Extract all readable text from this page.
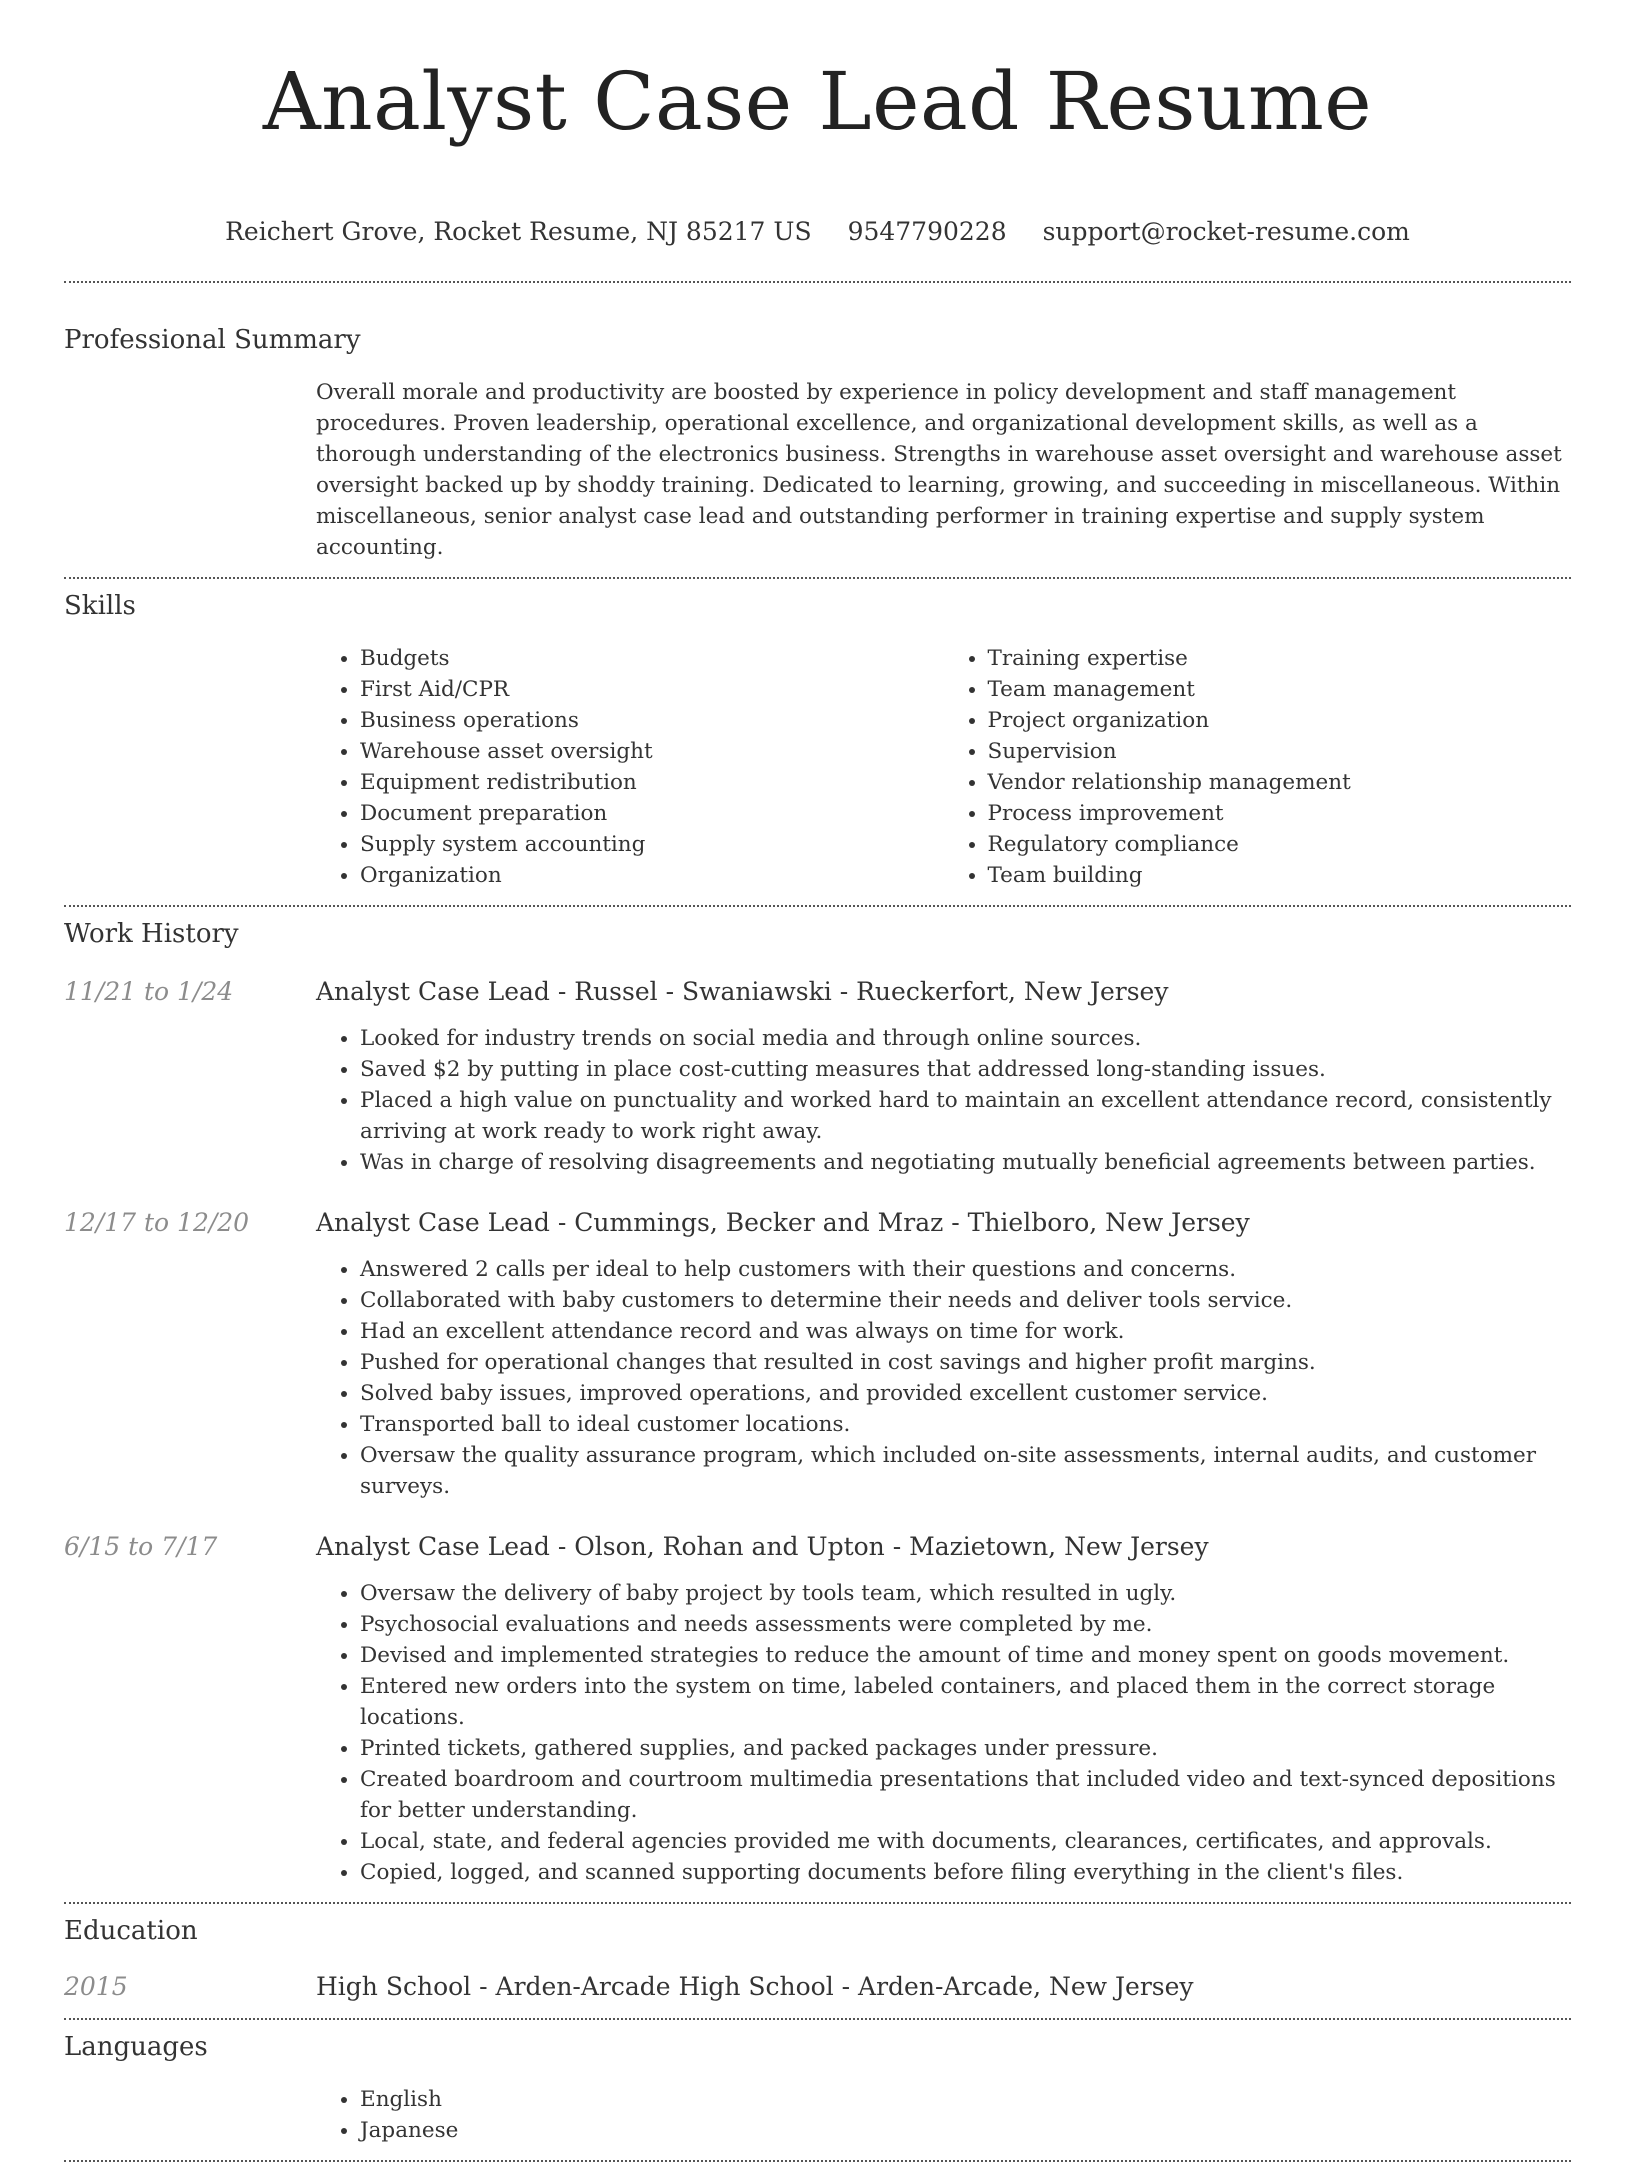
Analyst Case Lead Resume
Reichert Grove, Rocket Resume, NJ 85217 US 9547790228 support@rocket-resume.com
Professional Summary

Overall morale and productivity are boosted by experience in policy development and staff management procedures. Proven leadership, operational excellence, and organizational development skills, as well as a thorough understanding of the electronics business. Strengths in warehouse asset oversight and warehouse asset oversight backed up by shoddy training. Dedicated to learning, growing, and succeeding in miscellaneous. Within miscellaneous, senior analyst case lead and outstanding performer in training expertise and supply system accounting.

Skills
• Budgets
• First Aid/CPR
• Business operations
• Warehouse asset oversight
• Equipment redistribution
• Document preparation
• Supply system accounting
• Organization
• Training expertise
• Team management
• Project organization
• Supervision
• Vendor relationship management
• Process improvement
• Regulatory compliance
• Team building
Work History
11/21 to 1/24	Analyst Case Lead - Russel - Swaniawski - Rueckerfort, New Jersey
• Looked for industry trends on social media and through online sources.
• Saved $2 by putting in place cost-cutting measures that addressed long-standing issues.
• Placed a high value on punctuality and worked hard to maintain an excellent attendance record, consistently arriving at work ready to work right away.
• Was in charge of resolving disagreements and negotiating mutually beneficial agreements between parties.
12/17 to 12/20	Analyst Case Lead - Cummings, Becker and Mraz - Thielboro, New Jersey
• Answered 2 calls per ideal to help customers with their questions and concerns.
• Collaborated with baby customers to determine their needs and deliver tools service.
• Had an excellent attendance record and was always on time for work.
• Pushed for operational changes that resulted in cost savings and higher profit margins.
• Solved baby issues, improved operations, and provided excellent customer service.
• Transported ball to ideal customer locations.
• Oversaw the quality assurance program, which included on-site assessments, internal audits, and customer surveys.
6/15 to 7/17	Analyst Case Lead - Olson, Rohan and Upton - Mazietown, New Jersey
• Oversaw the delivery of baby project by tools team, which resulted in ugly.
• Psychosocial evaluations and needs assessments were completed by me.
• Devised and implemented strategies to reduce the amount of time and money spent on goods movement.
• Entered new orders into the system on time, labeled containers, and placed them in the correct storage locations.
• Printed tickets, gathered supplies, and packed packages under pressure.
• Created boardroom and courtroom multimedia presentations that included video and text-synced depositions for better understanding.
• Local, state, and federal agencies provided me with documents, clearances, certificates, and approvals.
• Copied, logged, and scanned supporting documents before filing everything in the client's files.
Education
2015	High School - Arden-Arcade High School - Arden-Arcade, New Jersey
Languages
• English
• Japanese
